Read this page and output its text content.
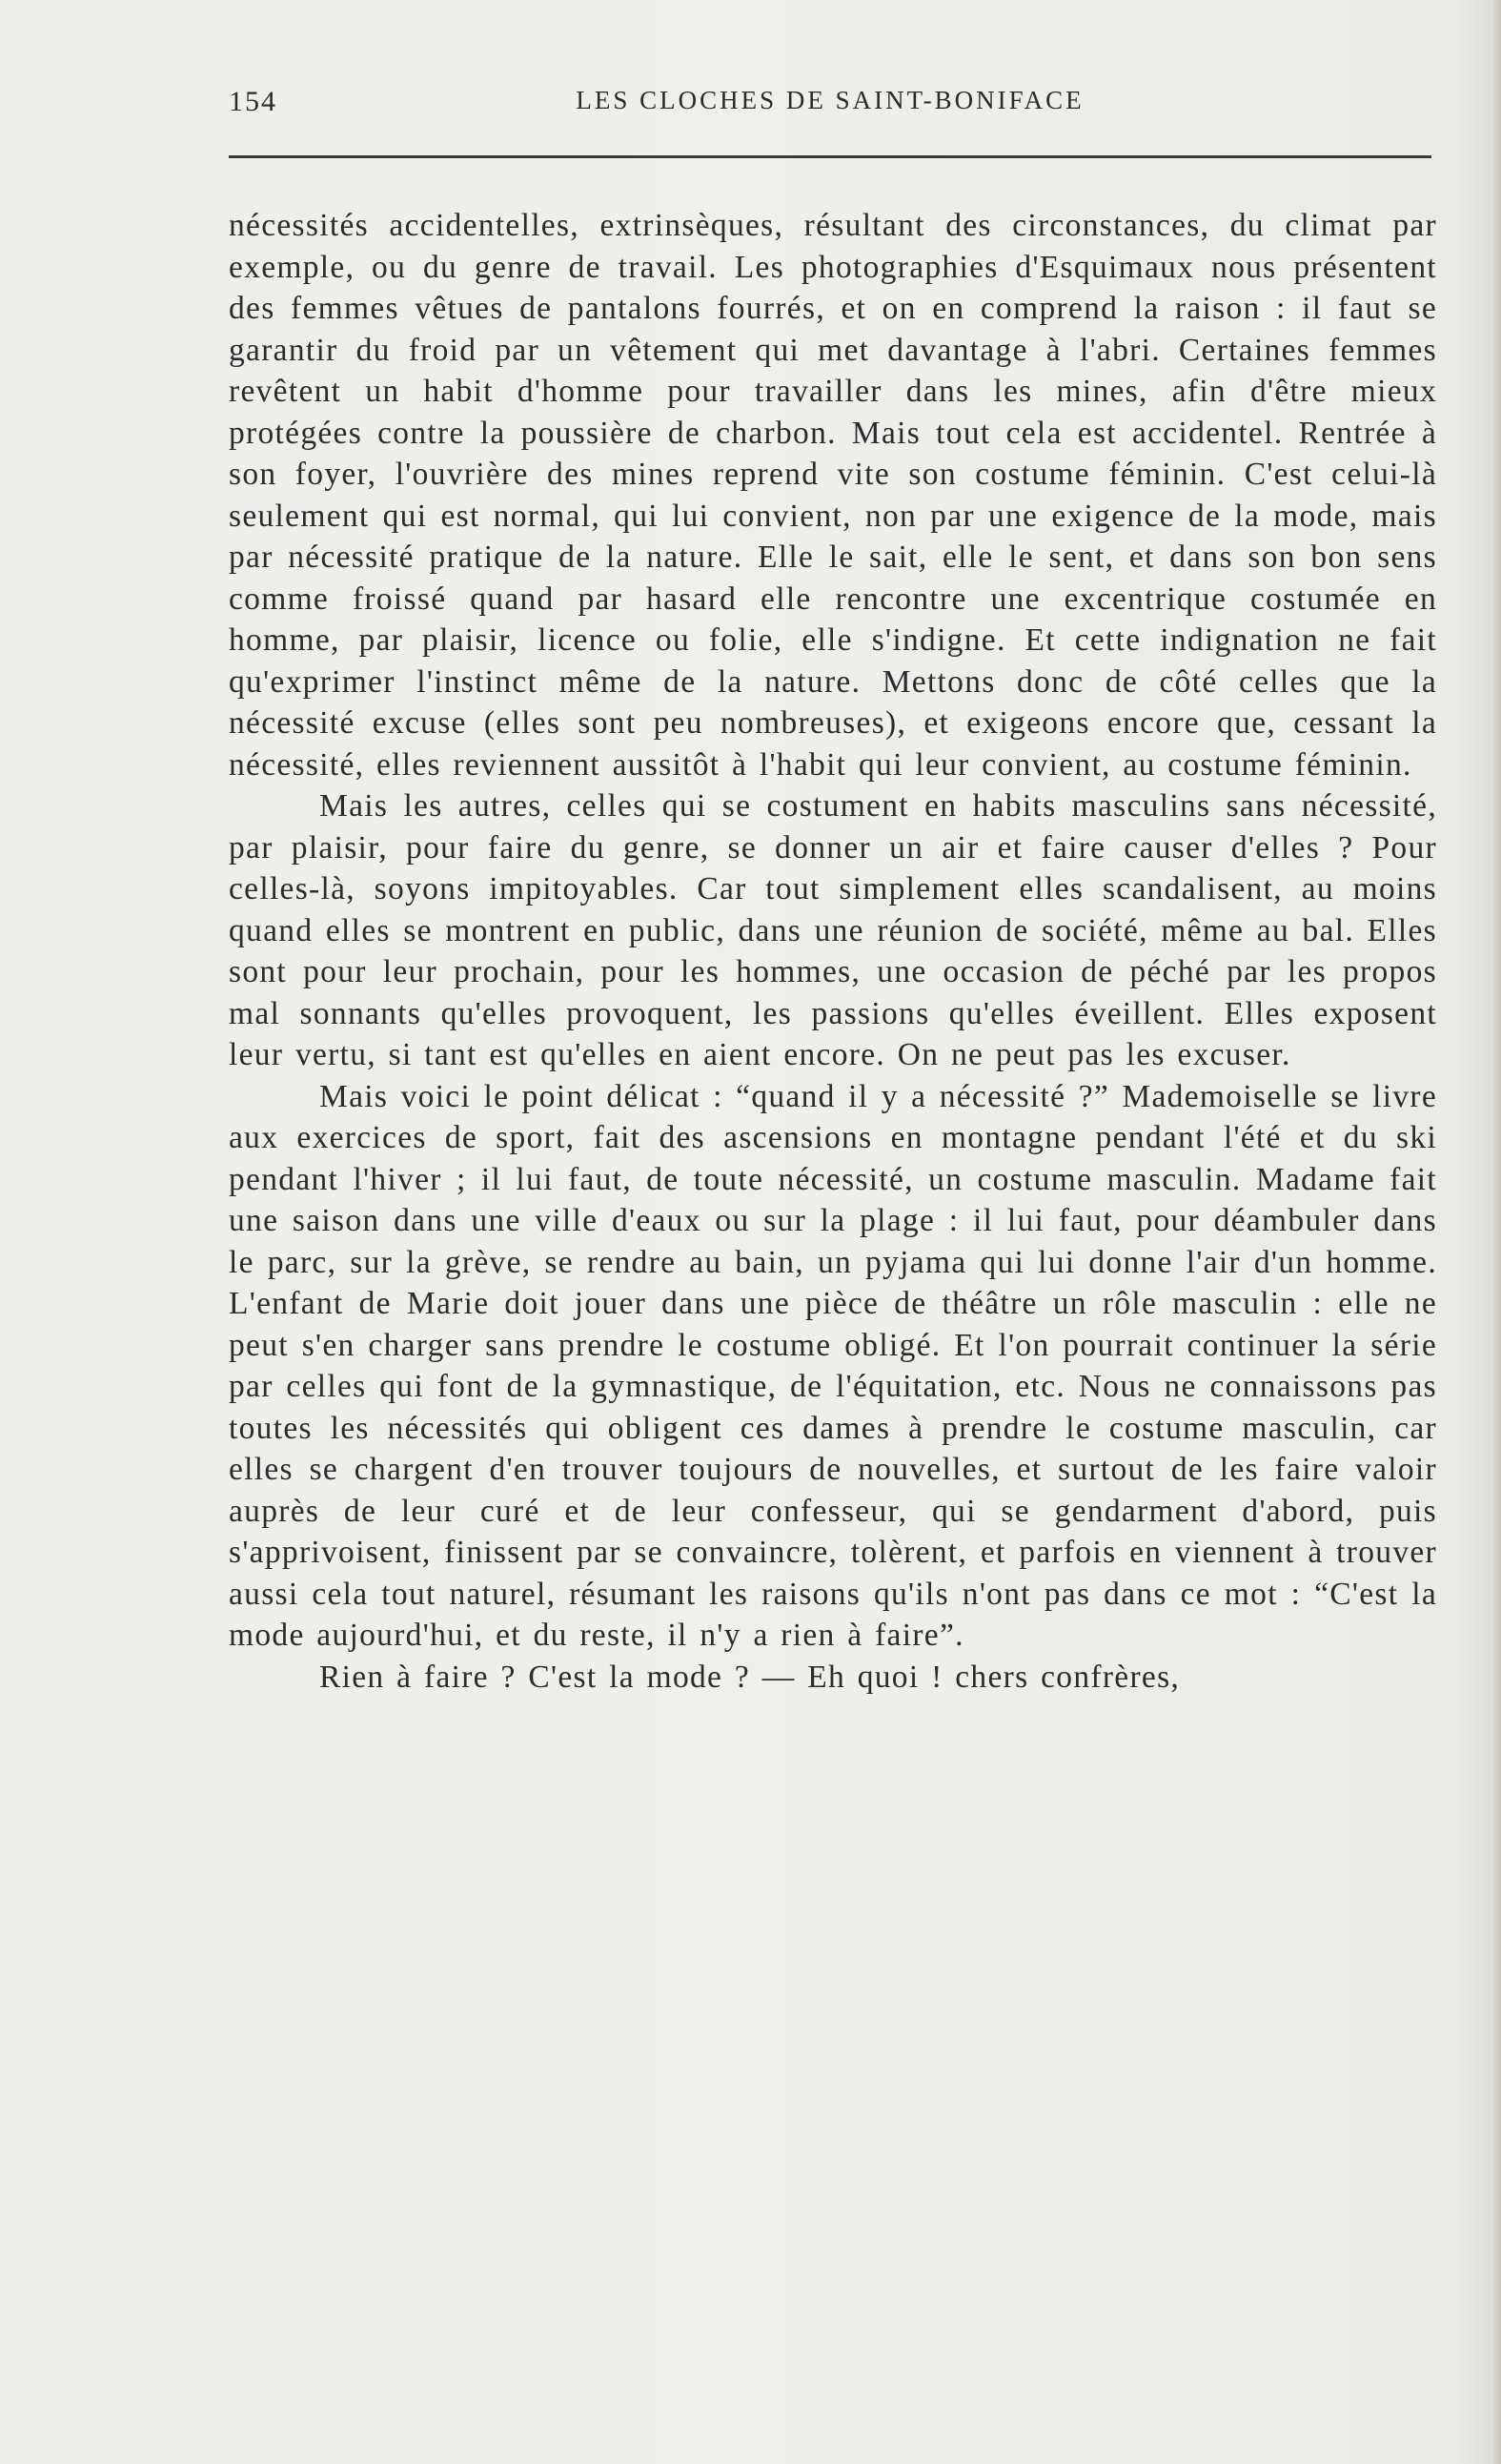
154	LES CLOCHES DE SAINT-BONIFACE

nécessités accidentelles, extrinsèques, résultant des circonstances, du climat par exemple, ou du genre de travail. Les photographies d'Esquimaux nous présentent des femmes vêtues de pantalons fourrés, et on en comprend la raison : il faut se garantir du froid par un vêtement qui met davantage à l'abri. Certaines femmes revêtent un habit d'homme pour travailler dans les mines, afin d'être mieux protégées contre la poussière de charbon. Mais tout cela est accidentel. Rentrée à son foyer, l'ouvrière des mines reprend vite son costume féminin. C'est celui-là seulement qui est normal, qui lui convient, non par une exigence de la mode, mais par nécessité pratique de la nature. Elle le sait, elle le sent, et dans son bon sens comme froissé quand par hasard elle rencontre une excentrique costumée en homme, par plaisir, licence ou folie, elle s'indigne. Et cette indignation ne fait qu'exprimer l'instinct même de la nature. Mettons donc de côté celles que la nécessité excuse (elles sont peu nombreuses), et exigeons encore que, cessant la nécessité, elles reviennent aussitôt à l'habit qui leur convient, au costume féminin.

Mais les autres, celles qui se costument en habits masculins sans nécessité, par plaisir, pour faire du genre, se donner un air et faire causer d'elles ? Pour celles-là, soyons impitoyables. Car tout simplement elles scandalisent, au moins quand elles se montrent en public, dans une réunion de société, même au bal. Elles sont pour leur prochain, pour les hommes, une occasion de péché par les propos mal sonnants qu'elles provoquent, les passions qu'elles éveillent. Elles exposent leur vertu, si tant est qu'elles en aient encore. On ne peut pas les excuser.

Mais voici le point délicat : “quand il y a nécessité ?” Mademoiselle se livre aux exercices de sport, fait des ascensions en montagne pendant l'été et du ski pendant l'hiver ; il lui faut, de toute nécessité, un costume masculin. Madame fait une saison dans une ville d'eaux ou sur la plage : il lui faut, pour déambuler dans le parc, sur la grève, se rendre au bain, un pyjama qui lui donne l'air d'un homme. L'enfant de Marie doit jouer dans une pièce de théâtre un rôle masculin : elle ne peut s'en charger sans prendre le costume obligé. Et l'on pourrait continuer la série par celles qui font de la gymnastique, de l'équitation, etc. Nous ne connaissons pas toutes les nécessités qui obligent ces dames à prendre le costume masculin, car elles se chargent d'en trouver toujours de nouvelles, et surtout de les faire valoir auprès de leur curé et de leur confesseur, qui se gendarment d'abord, puis s'apprivoisent, finissent par se convaincre, tolèrent, et parfois en viennent à trouver aussi cela tout naturel, résumant les raisons qu'ils n'ont pas dans ce mot : “C'est la mode aujourd'hui, et du reste, il n'y a rien à faire”.

Rien à faire ? C'est la mode ? — Eh quoi ! chers confrères,
